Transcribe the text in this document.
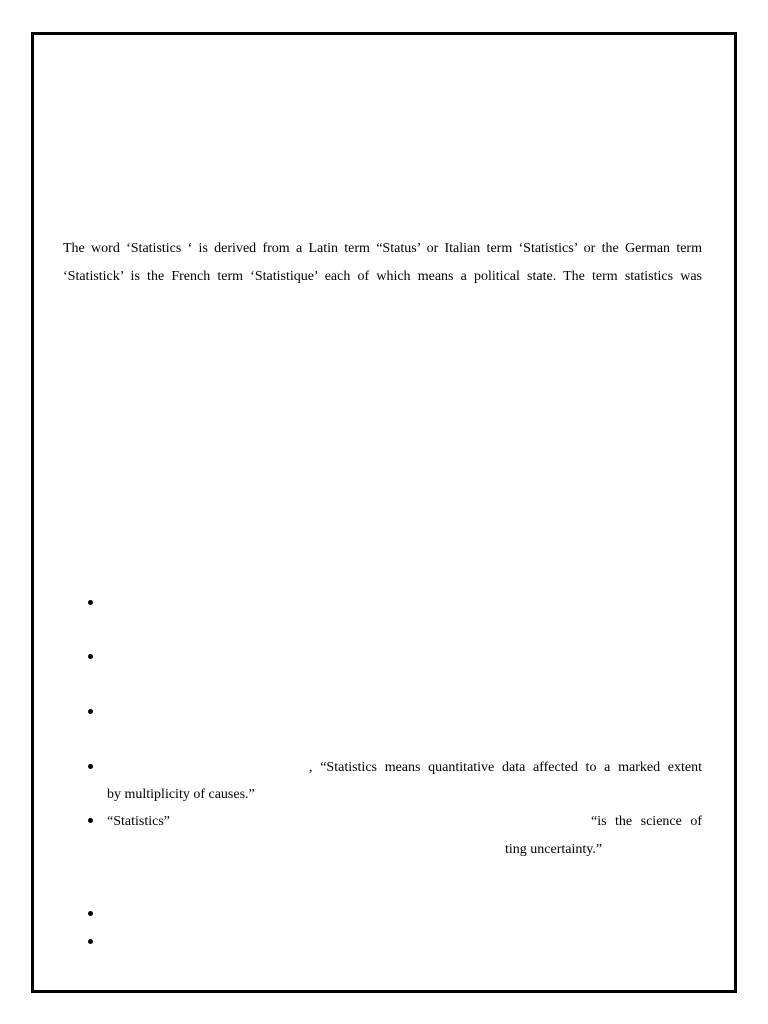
The word ‘Statistics ‘ is derived from a Latin term “Status’ or Italian term ‘Statistics’ or the German term
‘Statistick’ is the French term ‘Statistique’ each of which means a political state. The term statistics was
, “Statistics means quantitative data affected to a marked extent
by multiplicity of causes.”
“Statistics”	“is the science of
ting uncertainty.”
